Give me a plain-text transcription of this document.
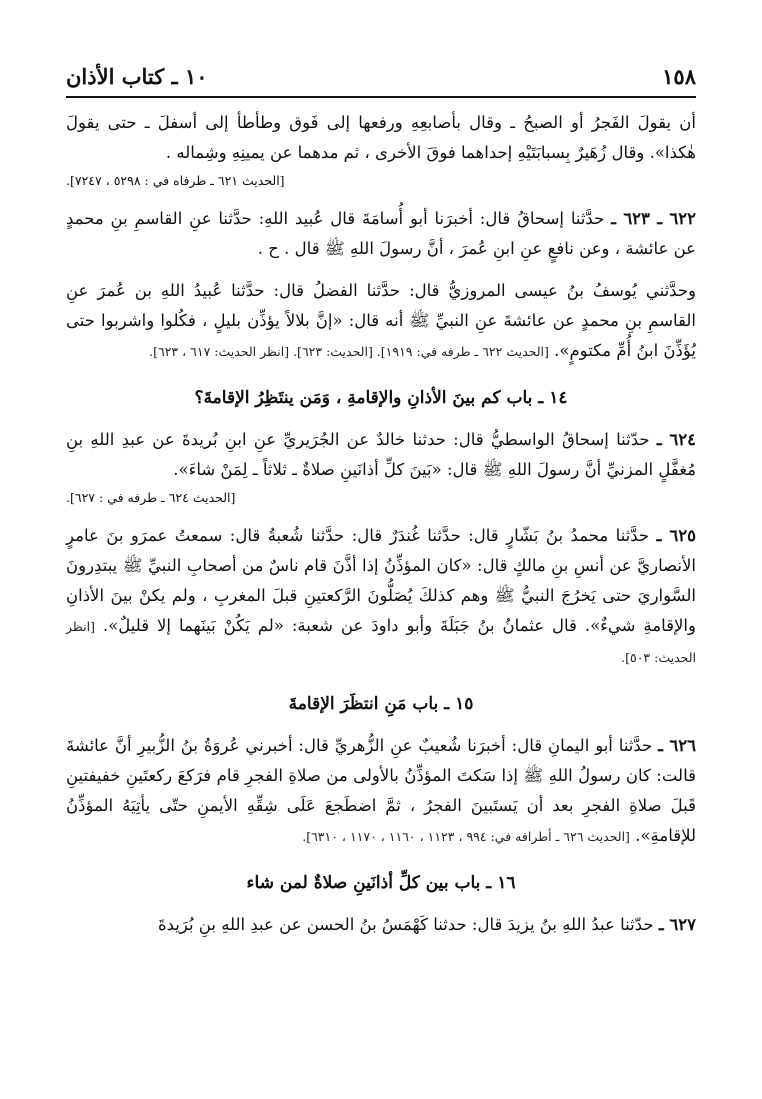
١٠ ـ كتاب الأذان	١٥٨

أن يقولَ الفَجرُ أو الصبحُ ـ وقال بأصابعِهِ ورفعها إلى فَوق وطأطأ إلى أسفلَ ـ حتى يقولَ هٰكذا». وقال زُهَيرٌ بِسبابَتَيْهِ إحداهما فوقَ الأخرى ، ثم مدهما عن يمينِهِ وشِماله .

[الحديث ٦٢١ ـ طرفاه في : ٥٢٩٨ ، ٧٢٤٧].

٦٢٢ ـ ٦٢٣ ـ حدَّثنا إسحاقُ قال: أخبرَنا أبو أُسامَةَ قال عُبيد اللهِ: حدَّثنا عنِ القاسمِ بنِ محمدٍ عن عائشة ، وعن نافعٍ عنِ ابنِ عُمرَ ، أنَّ رسولَ اللهِ ﷺ قال . ح .

وحدَّثني يُوسفُ بنُ عيسى المروزيُّ قال: حدَّثنا الفضلُ قال: حدَّثنا عُبيدُ اللهِ بن عُمرَ عنِ القاسمِ بنِ محمدٍ عن عائشةَ عنِ النبيِّ ﷺ أنه قال: «إنَّ بلالاً يؤذِّن بليلٍ ، فكُلوا واشربوا حتى يُؤَذِّنَ ابنُ أُمِّ مكتومٍ». [الحديث ٦٢٢ ـ طرفه في: ١٩١٩]. [الحديث: ٦٢٣]. [انظر الحديث: ٦١٧ ، ٦٢٣].

١٤ ـ باب كم بينَ الأذانِ والإقامةِ ، وَمَن ينتَظِرُ الإقامةَ؟

٦٢٤ ـ حدّثنا إسحاقُ الواسطيُّ قال: حدثنا خالدٌ عن الجُرَيريِّ عنِ ابنِ بُريدةَ عن عبدِ اللهِ بنِ مُغفَّلٍ المزنيِّ أنَّ رسولَ اللهِ ﷺ قال: «بَينَ كلِّ أذانَينِ صلاةٌ ـ ثلاثاً ـ لِمَنْ شاءَ».

[الحديث ٦٢٤ ـ طرفه في : ٦٢٧].

٦٢٥ ـ حدَّثنا محمدُ بنُ بَشّارٍ قال: حدَّثنا غُندَرٌ قال: حدَّثنا شُعبةُ قال: سمعتُ عمرَو بنَ عامرٍ الأنصاريَّ عن أنسِ بنِ مالكٍ قال: «كان المؤذِّنُ إذا أذَّنَ قام ناسٌ من أصحابِ النبيِّ ﷺ يبتدِرونَ السَّواريَ حتى يَخرُجَ النبيُّ ﷺ وهم كذلكَ يُصَلُّونَ الرَّكعتينِ قبلَ المغربِ ، ولم يكنْ بينَ الأذانِ والإقامةِ شيءٌ». قال عثمانُ بنُ جَبَلَةَ وأبو داودَ عن شعبة: «لم يَكُنْ بَينَهما إلا قليلٌ». [انظر الحديث: ٥٠٣].

١٥ ـ باب مَنِ انتظَرَ الإقامةَ

٦٢٦ ـ حدَّثنا أبو اليمانِ قال: أخبرَنا شُعيبٌ عنِ الزُّهريِّ قال: أخبرني عُروَةُ بنُ الزُّبيرِ أنَّ عائشةَ قالت: كان رسولُ اللهِ ﷺ إذا سَكتَ المؤذِّنُ بالأولى من صلاةِ الفجرِ قام فرَكعَ ركعتَينِ خفيفتينِ قَبلَ صلاةِ الفجرِ بعد أن يَستَبينَ الفجرُ ، ثمَّ اضطَجعَ عَلَى شِقِّهِ الأيمنِ حتّى يأتِيَهُ المؤذِّنُ للإقامةِ». [الحديث ٦٢٦ ـ أطرافه في: ٩٩٤ ، ١١٢٣ ، ١١٦٠ ، ١١٧٠ ، ٦٣١٠].

١٦ ـ باب بين كلِّ أذانَينِ صلاةٌ لمن شاء

٦٢٧ ـ حدّثنا عبدُ اللهِ بنُ يزيدَ قال: حدثنا كَهْمَسُ بنُ الحسن عن عبدِ اللهِ بنِ بُرَيدةَ
